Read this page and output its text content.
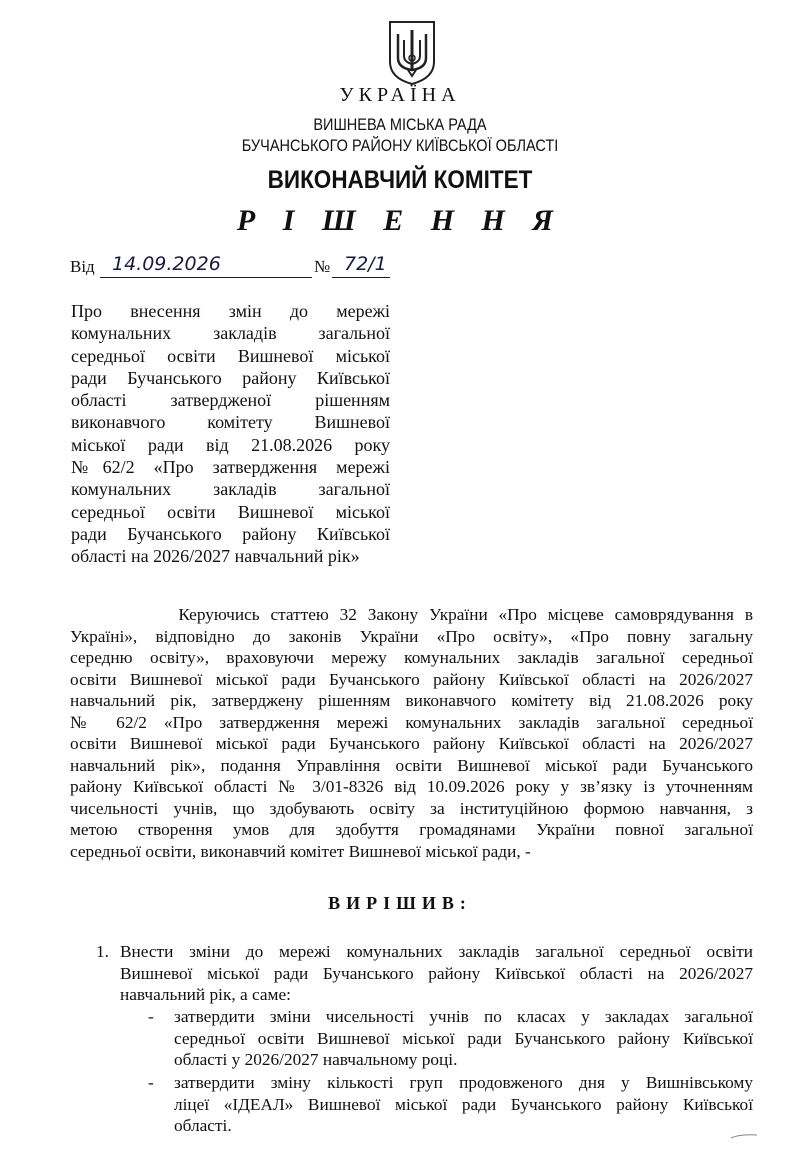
УКРАЇНА
ВИШНЕВА МІСЬКА РАДА
БУЧАНСЬКОГО РАЙОНУ КИЇВСЬКОЇ ОБЛАСТІ
ВИКОНАВЧИЙ КОМІТЕТ
Р І Ш Е Н Н Я
Від 14.09.2026	№ 72/1
Про внесення змін до мережі
комунальних закладів загальної
середньої освіти Вишневої міської
ради Бучанського району Київської
області затвердженої рішенням
виконавчого комітету Вишневої
міської ради від 21.08.2026 року
№62/2 «Про затвердження мережі
комунальних закладів загальної
середньої освіти Вишневої міської
ради Бучанського району Київської
області на 2026/2027 навчальний рік»
Керуючись статтею 32 Закону України «Про місцеве самоврядування в
Україні», відповідно до законів України «Про освіту», «Про повну загальну
середню освіту», враховуючи мережу комунальних закладів загальної середньої
освіти Вишневої міської ради Бучанського району Київської області на 2026/2027
навчальний рік, затверджену рішенням виконавчого комітету від 21.08.2026 року
№ 62/2 «Про затвердження мережі комунальних закладів загальної середньої
освіти Вишневої міської ради Бучанського району Київської області на 2026/2027
навчальний рік», подання Управління освіти Вишневої міської ради Бучанського
району Київської області № 3/01-8326 від 10.09.2026 року у зв’язку із уточненням
чисельності учнів, що здобувають освіту за інституційною формою навчання, з
метою створення умов для здобуття громадянами України повної загальної
середньої освіти, виконавчий комітет Вишневої міської ради, -
ВИРІШИВ:
1. Внести зміни до мережі комунальних закладів загальної середньої освіти
Вишневої міської ради Бучанського району Київської області на 2026/2027
навчальний рік, а саме:
- затвердити зміни чисельності учнів по класах у закладах загальної
середньої освіти Вишневої міської ради Бучанського району Київської
області у 2026/2027 навчальному році.
- затвердити зміну кількості груп продовженого дня у Вишнівському
ліцеї «ІДЕАЛ» Вишневої міської ради Бучанського району Київської
області.
